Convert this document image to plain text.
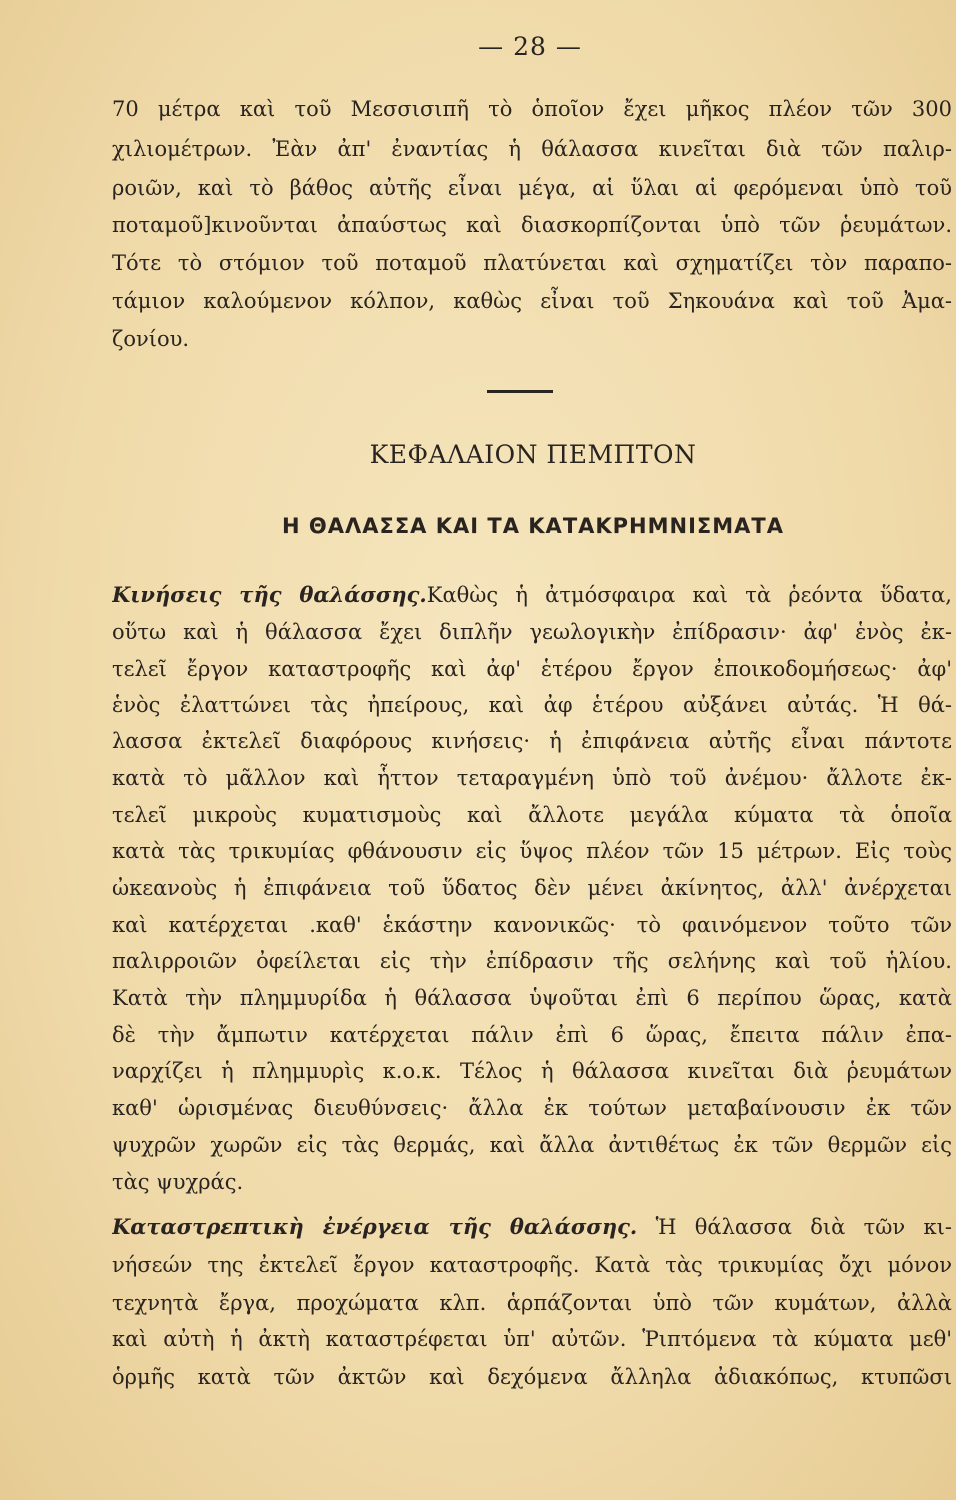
— 28 —
70 μέτρα καὶ τοῦ Μεσσισιπῆ τὸ ὁποῖον ἔχει μῆκος πλέον τῶν 300
χιλιομέτρων. Ἐὰν ἀπ' ἐναντίας ἡ θάλασσα κινεῖται διὰ τῶν παλιρ-
ροιῶν, καὶ τὸ βάθος αὐτῆς εἶναι μέγα, αἱ ὕλαι αἱ φερόμεναι ὑπὸ τοῦ
ποταμοῦ]κινοῦνται ἀπαύστως καὶ διασκορπίζονται ὑπὸ τῶν ῥευμάτων.
Τότε τὸ στόμιον τοῦ ποταμοῦ πλατύνεται καὶ σχηματίζει τὸν παραπο-
τάμιον καλούμενον κόλπον, καθὼς εἶναι τοῦ Σηκουάνα καὶ τοῦ Ἀμα-
ζονίου.
ΚΕΦΑΛΑΙΟΝ ΠΕΜΠΤΟΝ
Η ΘΑΛΑΣΣΑ ΚΑΙ ΤΑ ΚΑΤΑΚΡΗΜΝΙΣΜΑΤΑ
Κινήσεις τῆς θαλάσσης.Καθὼς ἡ ἀτμόσφαιρα καὶ τὰ ῥεόντα ὕδατα,
οὕτω καὶ ἡ θάλασσα ἔχει διπλῆν γεωλογικὴν ἐπίδρασιν· ἀφ' ἑνὸς ἐκ-
τελεῖ ἔργον καταστροφῆς καὶ ἀφ' ἑτέρου ἔργον ἐποικοδομήσεως· ἀφ'
ἑνὸς ἐλαττώνει τὰς ἠπείρους, καὶ ἀφ ἑτέρου αὐξάνει αὐτάς. Ἡ θά-
λασσα ἐκτελεῖ διαφόρους κινήσεις· ἡ ἐπιφάνεια αὐτῆς εἶναι πάντοτε
κατὰ τὸ μᾶλλον καὶ ἧττον τεταραγμένη ὑπὸ τοῦ ἀνέμου· ἄλλοτε ἐκ-
τελεῖ μικροὺς κυματισμοὺς καὶ ἄλλοτε μεγάλα κύματα τὰ ὁποῖα
κατὰ τὰς τρικυμίας φθάνουσιν εἰς ὕψος πλέον τῶν 15 μέτρων. Εἰς τοὺς
ὠκεανοὺς ἡ ἐπιφάνεια τοῦ ὕδατος δὲν μένει ἀκίνητος, ἀλλ' ἀνέρχεται
καὶ κατέρχεται .καθ' ἑκάστην κανονικῶς· τὸ φαινόμενον τοῦτο τῶν
παλιρροιῶν ὀφείλεται εἰς τὴν ἐπίδρασιν τῆς σελήνης καὶ τοῦ ἡλίου.
Κατὰ τὴν πλημμυρίδα ἡ θάλασσα ὑψοῦται ἐπὶ 6 περίπου ὥρας, κατὰ
δὲ τὴν ἄμπωτιν κατέρχεται πάλιν ἐπὶ 6 ὥρας, ἔπειτα πάλιν ἐπα-
ναρχίζει ἡ πλημμυρὶς κ.ο.κ. Τέλος ἡ θάλασσα κινεῖται διὰ ῥευμάτων
καθ' ὡρισμένας διευθύνσεις· ἄλλα ἐκ τούτων μεταβαίνουσιν ἐκ τῶν
ψυχρῶν χωρῶν εἰς τὰς θερμάς, καὶ ἄλλα ἀντιθέτως ἐκ τῶν θερμῶν εἰς
τὰς ψυχράς.
Καταστρεπτικὴ ἐνέργεια τῆς θαλάσσης. Ἡ θάλασσα διὰ τῶν κι-
νήσεών της ἐκτελεῖ ἔργον καταστροφῆς. Κατὰ τὰς τρικυμίας ὄχι μόνον
τεχνητὰ ἔργα, προχώματα κλπ. ἁρπάζονται ὑπὸ τῶν κυμάτων, ἀλλὰ
καὶ αὐτὴ ἡ ἀκτὴ καταστρέφεται ὑπ' αὐτῶν. Ῥιπτόμενα τὰ κύματα μεθ'
ὁρμῆς κατὰ τῶν ἀκτῶν καὶ δεχόμενα ἄλληλα ἀδιακόπως, κτυπῶσι
